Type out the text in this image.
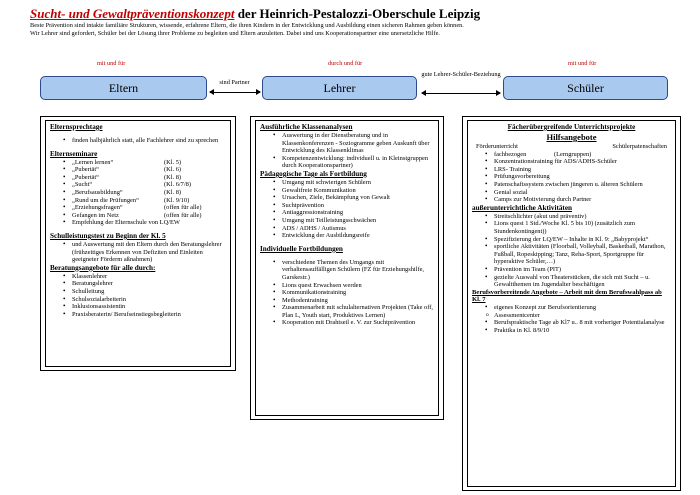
Sucht- und Gewaltpräventionskonzept der Heinrich-Pestalozzi-Oberschule Leipzig
Beste Prävention sind intakte familiäre Strukturen, wissende, erfahrene Eltern, die ihren Kindern in der Entwicklung und Ausbildung einen sicheren Rahmen geben können.
Wir Lehrer sind gefordert, Schüler bei der Lösung ihrer Probleme zu begleiten und Eltern anzuleiten. Dabei sind uns Kooperationspartner eine unersetzliche Hilfe.
mit und für	durch und für	mit und für
Eltern	Lehrer	Schüler
sind Partner
gute Lehrer-Schüler-Beziehung
Elternsprechtage
• finden halbjährlich statt, alle Fachlehrer sind zu sprechen
Elternseminare
• „Lernen lernen“	(Kl. 5)
• „Pubertät“	(Kl. 6)
• „Pubertät“	(Kl. 8)
• „Sucht“	(Kl. 6/7/8)
• „Berufsausbildung“	(Kl. 8)
• „Rund um die Prüfungen“	(Kl. 9/10)
• „Erziehungsfragen“	(offen für alle)
• Gefangen im Netz	(offen für alle)
• Empfehlung der Elternschule von LQ/EW
Schulleistungstest zu Beginn der Kl. 5
• und Auswertung mit den Eltern durch den Beratungslehrer (frühzeitiges Erkennen von Defiziten und Einleiten geeigneter Förderm aßnahmen)
Beratungsangebote für alle durch:
• Klassenlehrer
• Beratungslehrer
• Schulleitung
• Schulsozialarbeiterin
• Inklusionsassistentin
• Praxisberaterin/ Berufseinstiegsbegleiterin
Ausführliche Klassenanalysen
• Auswertung in der Dienstberatung und in Klassenkonferenzen - Soziogramme geben Auskunft über Entwicklung des Klassenklimas
• Kompetenzentwicklung: individuell u. in Kleinstgruppen durch Kooperationspartner)
Pädagogische Tage als Fortbildung
• Umgang mit schwierigen Schülern
• Gewaltfreie Kommunikation
• Ursachen, Ziele, Bekämpfung von Gewalt
• Suchtprävention
• Antiaggressionstraining
• Umgang mit Teilleistungsschwächen
• ADS / ADHS / Autismus
• Entwicklung der Ausbildungsreife
Individuelle Fortbildungen
• verschiedene Themen des Umgangs mit verhaltensauffälligen Schülern (FZ für Erziehungshilfe, Garskestr.)
• Lions quest Erwachsen werden
• Kommunikationstraining
• Methodentraining
• Zusammenarbeit mit schulalternativen Projekten (Take off, Plan L, Youth start, Produktives Lernen)
• Kooperation mit Drahtseil e. V. zur Suchtprävention
Fächerübergreifende Unterrichtsprojekte
Hilfsangebote
Förderunterricht	Schülerpatenschaften
• fachbezogen	(Lerngruppen)
• Konzentrationstraining für ADS/ADHS-Schüler
• LRS- Training
• Prüfungsvorbereitung
• Patenschaftssystem zwischen jüngeren u. älteren Schülern
• Genial sozial
• Camps zur Motivierung durch Partner
außerunterrichtliche Aktivitäten
• Streitschlichter (akut und präventiv)
• Lions quest 1 Std./Woche Kl. 5 bis 10) (zusätzlich zum Stundenkontingent))
• Spezifizierung der LQ/EW – Inhalte in Kl. 9: „Babyprojekt“
• sportliche Aktivitäten (Floorball, Volleyball, Basketball, Marathon, Fußball, Ropeskipping; Tanz, Reha-Sport, Sportgruppe für hyperaktive Schüler,…)
• Prävention im Team (PIT)
• gezielte Auswahl von Theaterstücken, die sich mit Sucht – u. Gewaltthemen im Jugendalter beschäftigen
Berufsvorbereitende Angebote – Arbeit mit dem Berufswahlpass ab Kl. 7
• eigenes Konzept zur Berufsorientierung
o Assessmentcenter
• Berufspraktische Tage ab Kl7 u.. 8 mit vorheriger Potentialanalyse
• Praktika in Kl. 8/9/10
